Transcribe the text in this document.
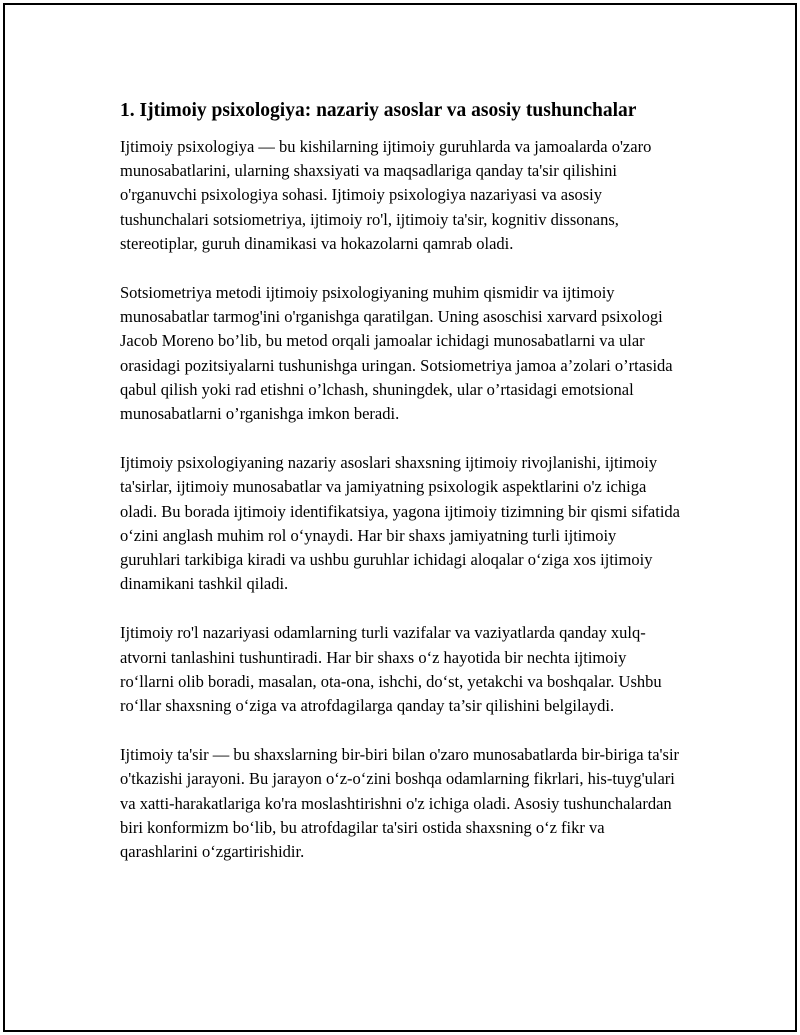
1. Ijtimoiy psixologiya: nazariy asoslar va asosiy tushunchalar

Ijtimoiy psixologiya — bu kishilarning ijtimoiy guruhlarda va jamoalarda o'zaro munosabatlarini, ularning shaxsiyati va maqsadlariga qanday ta'sir qilishini o'rganuvchi psixologiya sohasi. Ijtimoiy psixologiya nazariyasi va asosiy tushunchalari sotsiometriya, ijtimoiy ro'l, ijtimoiy ta'sir, kognitiv dissonans, stereotiplar, guruh dinamikasi va hokazolarni qamrab oladi.

Sotsiometriya metodi ijtimoiy psixologiyaning muhim qismidir va ijtimoiy munosabatlar tarmog'ini o'rganishga qaratilgan. Uning asoschisi xarvard psixologi Jacob Moreno bo’lib, bu metod orqali jamoalar ichidagi munosabatlarni va ular orasidagi pozitsiyalarni tushunishga uringan. Sotsiometriya jamoa a’zolari o’rtasida qabul qilish yoki rad etishni o’lchash, shuningdek, ular o’rtasidagi emotsional munosabatlarni o’rganishga imkon beradi.

Ijtimoiy psixologiyaning nazariy asoslari shaxsning ijtimoiy rivojlanishi, ijtimoiy ta'sirlar, ijtimoiy munosabatlar va jamiyatning psixologik aspektlarini o'z ichiga oladi. Bu borada ijtimoiy identifikatsiya, yagona ijtimoiy tizimning bir qismi sifatida o‘zini anglash muhim rol o‘ynaydi. Har bir shaxs jamiyatning turli ijtimoiy guruhlari tarkibiga kiradi va ushbu guruhlar ichidagi aloqalar o‘ziga xos ijtimoiy dinamikani tashkil qiladi.

Ijtimoiy ro'l nazariyasi odamlarning turli vazifalar va vaziyatlarda qanday xulq-atvorni tanlashini tushuntiradi. Har bir shaxs o‘z hayotida bir nechta ijtimoiy ro‘llarni olib boradi, masalan, ota-ona, ishchi, do‘st, yetakchi va boshqalar. Ushbu ro‘llar shaxsning o‘ziga va atrofdagilarga qanday ta’sir qilishini belgilaydi.

Ijtimoiy ta'sir — bu shaxslarning bir-biri bilan o'zaro munosabatlarda bir-biriga ta'sir o'tkazishi jarayoni. Bu jarayon o‘z-o‘zini boshqa odamlarning fikrlari, his-tuyg'ulari va xatti-harakatlariga ko'ra moslashtirishni o'z ichiga oladi. Asosiy tushunchalardan biri konformizm bo‘lib, bu atrofdagilar ta'siri ostida shaxsning o‘z fikr va qarashlarini o‘zgartirishidir.
